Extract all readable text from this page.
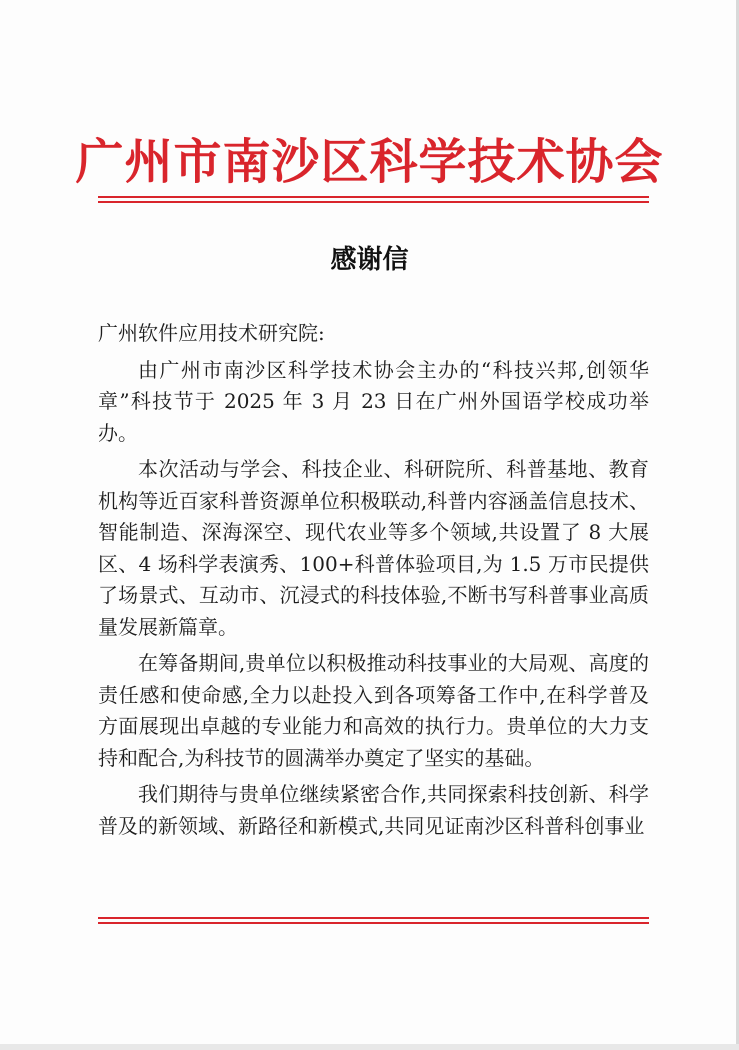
广州市南沙区科学技术协会
感谢信

广州软件应用技术研究院:

由广州市南沙区科学技术协会主办的“科技兴邦,创领华章”科技节于 2025 年 3 月 23 日在广州外国语学校成功举办。

本次活动与学会、科技企业、科研院所、科普基地、教育机构等近百家科普资源单位积极联动,科普内容涵盖信息技术、智能制造、深海深空、现代农业等多个领域,共设置了 8 大展区、4 场科学表演秀、100+科普体验项目,为 1.5 万市民提供了场景式、互动市、沉浸式的科技体验,不断书写科普事业高质量发展新篇章。

在筹备期间,贵单位以积极推动科技事业的大局观、高度的责任感和使命感,全力以赴投入到各项筹备工作中,在科学普及方面展现出卓越的专业能力和高效的执行力。贵单位的大力支持和配合,为科技节的圆满举办奠定了坚实的基础。

我们期待与贵单位继续紧密合作,共同探索科技创新、科学普及的新领域、新路径和新模式,共同见证南沙区科普科创事业
